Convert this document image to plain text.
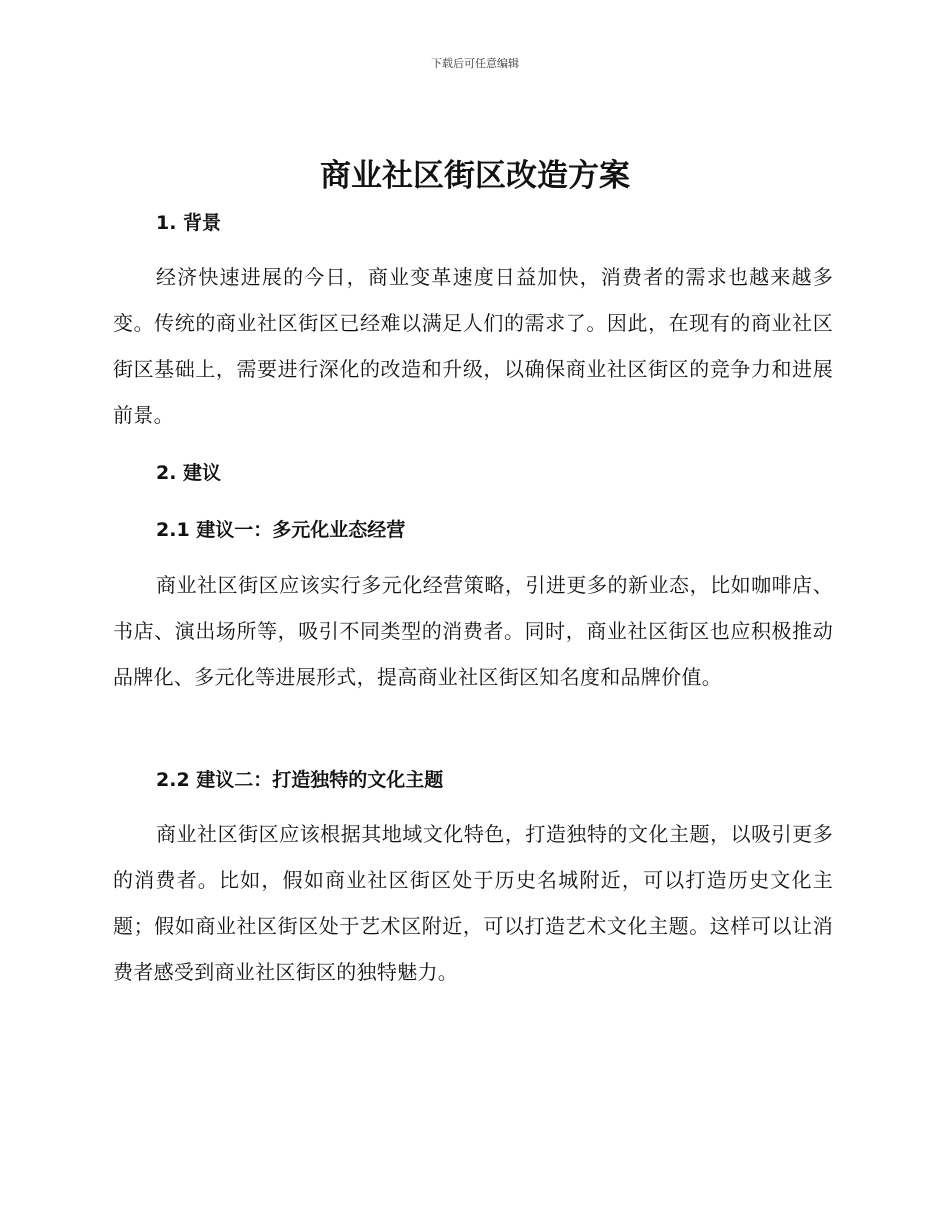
下载后可任意编辑
商业社区街区改造方案
1. 背景

经济快速进展的今日，商业变革速度日益加快，消费者的需求也越来越多变。传统的商业社区街区已经难以满足人们的需求了。因此，在现有的商业社区街区基础上，需要进行深化的改造和升级，以确保商业社区街区的竞争力和进展前景。

2. 建议
2.1 建议一：多元化业态经营

商业社区街区应该实行多元化经营策略，引进更多的新业态，比如咖啡店、书店、演出场所等，吸引不同类型的消费者。同时，商业社区街区也应积极推动品牌化、多元化等进展形式，提高商业社区街区知名度和品牌价值。

2.2 建议二：打造独特的文化主题

商业社区街区应该根据其地域文化特色，打造独特的文化主题，以吸引更多的消费者。比如，假如商业社区街区处于历史名城附近，可以打造历史文化主题；假如商业社区街区处于艺术区附近，可以打造艺术文化主题。这样可以让消费者感受到商业社区街区的独特魅力。
